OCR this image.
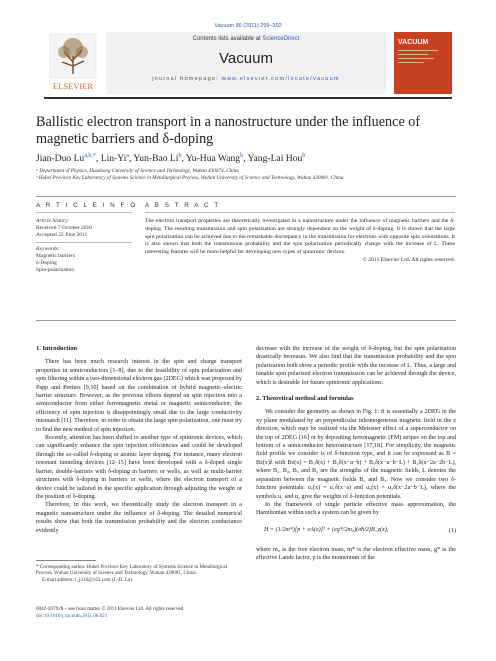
Vacuum 86 (2011) 299–302
ELSEVIER
Contents lists available at ScienceDirect
Vacuum
journal homepage: www.elsevier.com/locate/vacuum
VACUUM
Ballistic electron transport in a nanostructure under the influence of magnetic barriers and δ-doping
Jian-Duo $Lu^{a,b,*}$, Lin-Yi$^a$, Yun-Bao Li$^b$, Yu-Hua Wang$^b$, Yang-Lai Hou$^b$
ᵃ Department of Physics, Huazhong University of Science and Technology, Wuhan 430074, China
ᵇ Hubei Province Key Laboratory of Systems Science in Metallurgical Process, Wuhan University of Science and Technology, Wuhan 430081, China
A R T I C L E I N F O A B S T R A C T
Article history:
Received 7 October 2010
Accepted 22 June 2011
Keywords:
Magnetic barriers
δ-Doping
Spin-polarization
The electron transport properties are theoretically investigated in a nanostructure under the influence of magnetic barriers and the δ-doping. The resulting transmission and spin polarization are strongly dependent on the weight of δ-doping. It is shown that the large spin polarization can be achieved due to the remarkable discrepancy in the transmission for electrons with opposite spin orientations. It is also shown that both the transmission probability and the spin polarization periodically change with the increase of L. These interesting features will be more helpful for developing new types of spintronic devices.
© 2011 Elsevier Ltd. All rights reserved.
1. Introduction

There has been much research interest in the spin and charge transport properties in semiconductors [1–8], due to the feasibility of spin polarization and spin filtering within a two-dimensional electron gas (2DEG) which was proposed by Papp and Peeters [9,10] based on the combination of hybrid magnetic–electric barrier structure. However, as the previous efforts depend on spin injection into a semiconductor from either ferromagnetic metal or magnetic semiconductor, the efficiency of spin injection is disappointingly small due to the large conductivity mismatch [11]. Therefore, in order to obtain the large spin polarization, one must try to find the new method of spin injection.

Recently, attention has been shifted to another type of spintronic devices, which can significantly enhance the spin injection efficiencies and could be developed through the so-called δ-doping or atomic layer doping. For instance, many electron resonant tunneling devices [12–15] have been developed with a δ-doped single barrier, double-barriers with δ-doping in barriers or wells, as well as multi-barrier structures with δ-doping in barriers or wells, where the electron transport of a device could be tailored to the specific application through adjusting the weight or the position of δ-doping.

Therefore, in this work, we theoretically study the electron transport in a magnetic nanostructure under the influence of δ-doping. The detailed numerical results show that both the transmission probability and the electron conductance evidently

* Corresponding author. Hubei Province Key Laboratory of Systems Science in Metallurgical Process, Wuhan University of Science and Technology, Wuhan 430081, China.
E-mail address: l_j316@163.com (J.-D. Lu).
0042-207X/$ – see front matter © 2011 Elsevier Ltd. All rights reserved.
doi:10.1016/j.vacuum.2011.06.021

decrease with the increase of the weight of δ-doping, but the spin polarization drastically increases. We also find that the transmission probability and the spin polarization both show a periodic profile with the increase of L. Thus, a large and tunable spin polarized electron transmission can be achieved through the device, which is desirable for future spintronic applications.

2. Theoretical method and formulas

We consider the geometry as shown in Fig. 1: It is essentially a 2DEG in the xy plane modulated by an perpendicular inhomogeneous magnetic field in the z direction, which may be realized via the Meissner effect of a superconductor on the top of 2DEG [16] or by depositing ferromagnetic (FM) stripes on the top and bottom of a semiconductor heterostructure [17,18]. For simplicity, the magnetic field profile we consider is of δ-function type, and it can be expressed as B = Bz(x)ẑ with Bz(x) = B₁δ(x) + B₂δ(x−a−b) + B₃δ(x−a−b−L) + B₄δ(x−2a−2b−L), where B₁, B₂, B₃ and B₄ are the strengths of the magnetic fields, L denotes the separation between the magnetic fields B₂ and B₃. Now we consider two δ-function potentials: u₁(x) = u₁δ(x−a) and u₂(x) = u₂δ(x−2a−b−L), where the symbols u₁ and u₂ give the weights of δ-function potentials.

In the framework of single particle effective mass approximation, the Hamiltonian within such a system can be given by

H = (1/2m*)[p + eA(x)]² + (eg*/2m₀)(σħ/2)B_z(x),	(1)

where m₀ is the free electron mass, m* is the electron effective mass, g* is the effective Lande factor, p is the momentum of the
